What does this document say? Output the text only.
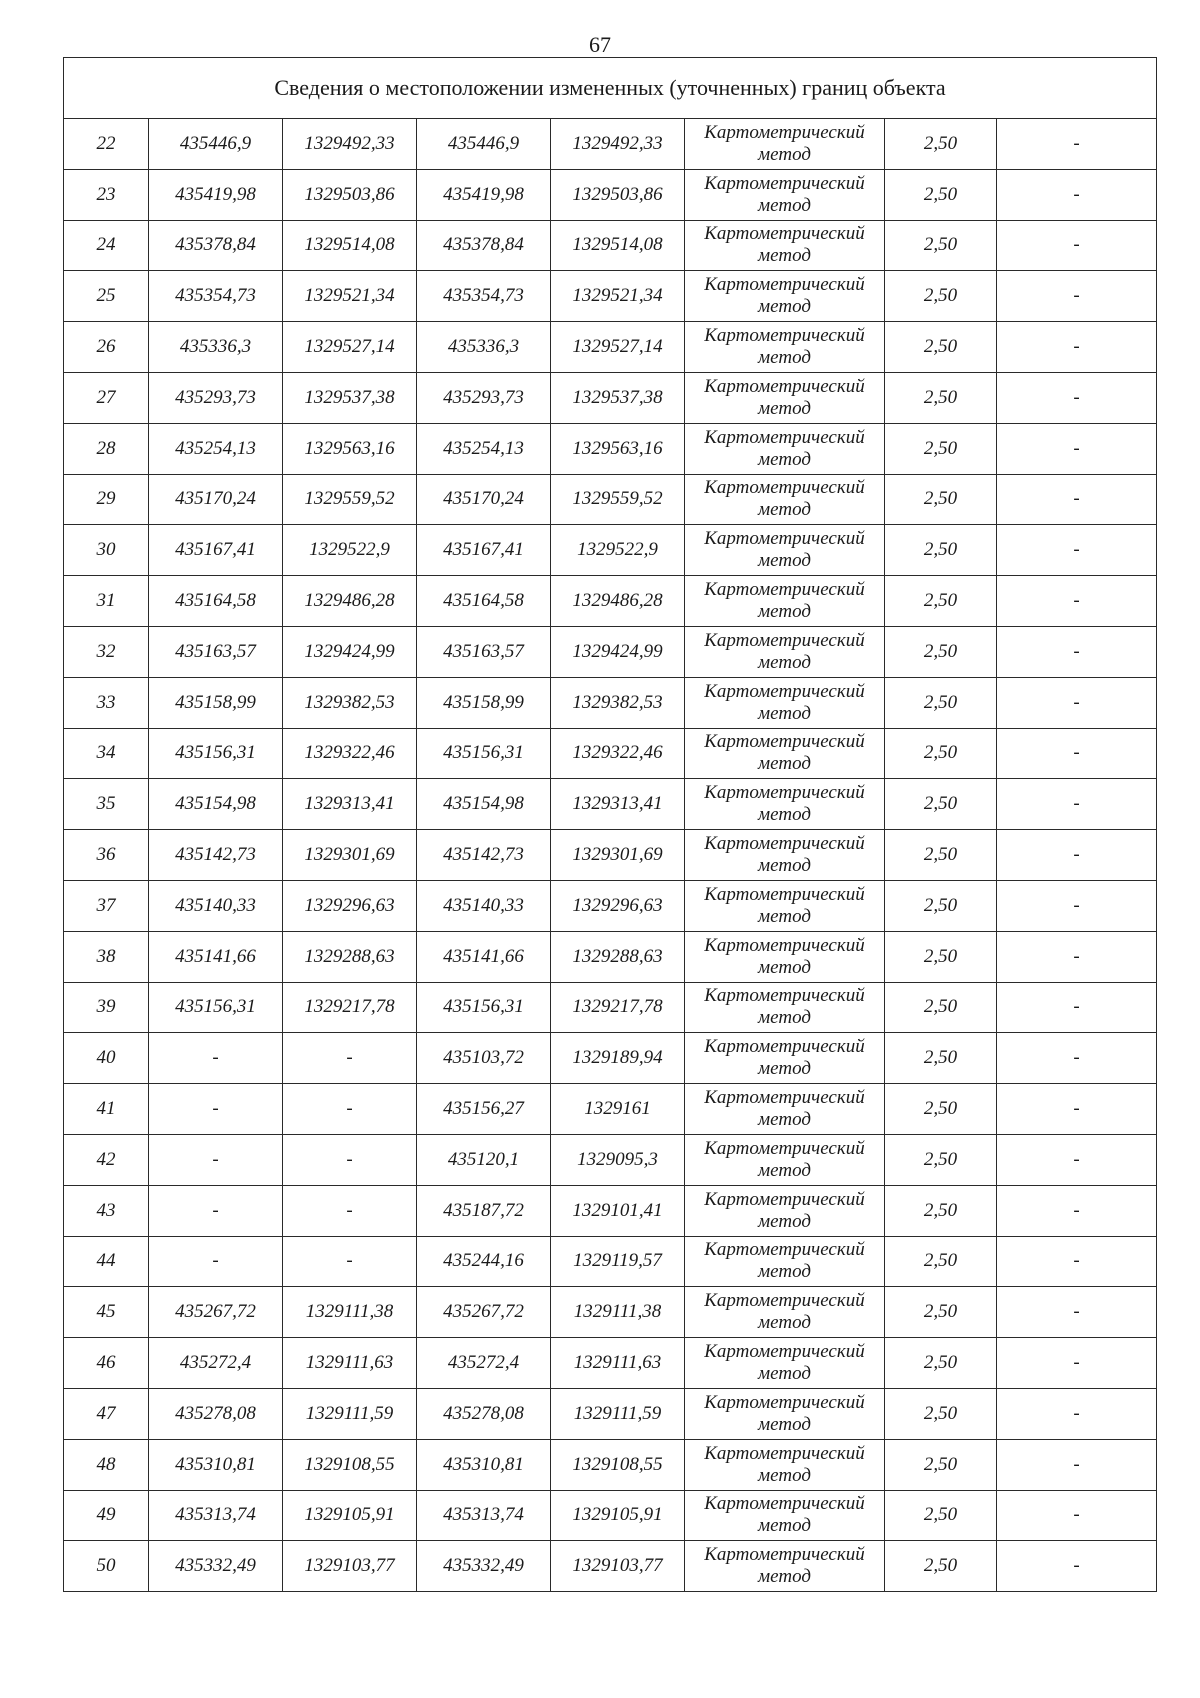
67
Сведения о местоположении измененных (уточненных) границ объекта							
22	435446,9	1329492,33	435446,9	1329492,33	Картометрический
метод	2,50	-
23	435419,98	1329503,86	435419,98	1329503,86	Картометрический
метод	2,50	-
24	435378,84	1329514,08	435378,84	1329514,08	Картометрический
метод	2,50	-
25	435354,73	1329521,34	435354,73	1329521,34	Картометрический
метод	2,50	-
26	435336,3	1329527,14	435336,3	1329527,14	Картометрический
метод	2,50	-
27	435293,73	1329537,38	435293,73	1329537,38	Картометрический
метод	2,50	-
28	435254,13	1329563,16	435254,13	1329563,16	Картометрический
метод	2,50	-
29	435170,24	1329559,52	435170,24	1329559,52	Картометрический
метод	2,50	-
30	435167,41	1329522,9	435167,41	1329522,9	Картометрический
метод	2,50	-
31	435164,58	1329486,28	435164,58	1329486,28	Картометрический
метод	2,50	-
32	435163,57	1329424,99	435163,57	1329424,99	Картометрический
метод	2,50	-
33	435158,99	1329382,53	435158,99	1329382,53	Картометрический
метод	2,50	-
34	435156,31	1329322,46	435156,31	1329322,46	Картометрический
метод	2,50	-
35	435154,98	1329313,41	435154,98	1329313,41	Картометрический
метод	2,50	-
36	435142,73	1329301,69	435142,73	1329301,69	Картометрический
метод	2,50	-
37	435140,33	1329296,63	435140,33	1329296,63	Картометрический
метод	2,50	-
38	435141,66	1329288,63	435141,66	1329288,63	Картометрический
метод	2,50	-
39	435156,31	1329217,78	435156,31	1329217,78	Картометрический
метод	2,50	-
40	-	-	435103,72	1329189,94	Картометрический
метод	2,50	-
41	-	-	435156,27	1329161	Картометрический
метод	2,50	-
42	-	-	435120,1	1329095,3	Картометрический
метод	2,50	-
43	-	-	435187,72	1329101,41	Картометрический
метод	2,50	-
44	-	-	435244,16	1329119,57	Картометрический
метод	2,50	-
45	435267,72	1329111,38	435267,72	1329111,38	Картометрический
метод	2,50	-
46	435272,4	1329111,63	435272,4	1329111,63	Картометрический
метод	2,50	-
47	435278,08	1329111,59	435278,08	1329111,59	Картометрический
метод	2,50	-
48	435310,81	1329108,55	435310,81	1329108,55	Картометрический
метод	2,50	-
49	435313,74	1329105,91	435313,74	1329105,91	Картометрический
метод	2,50	-
50	435332,49	1329103,77	435332,49	1329103,77	Картометрический
метод	2,50	-
